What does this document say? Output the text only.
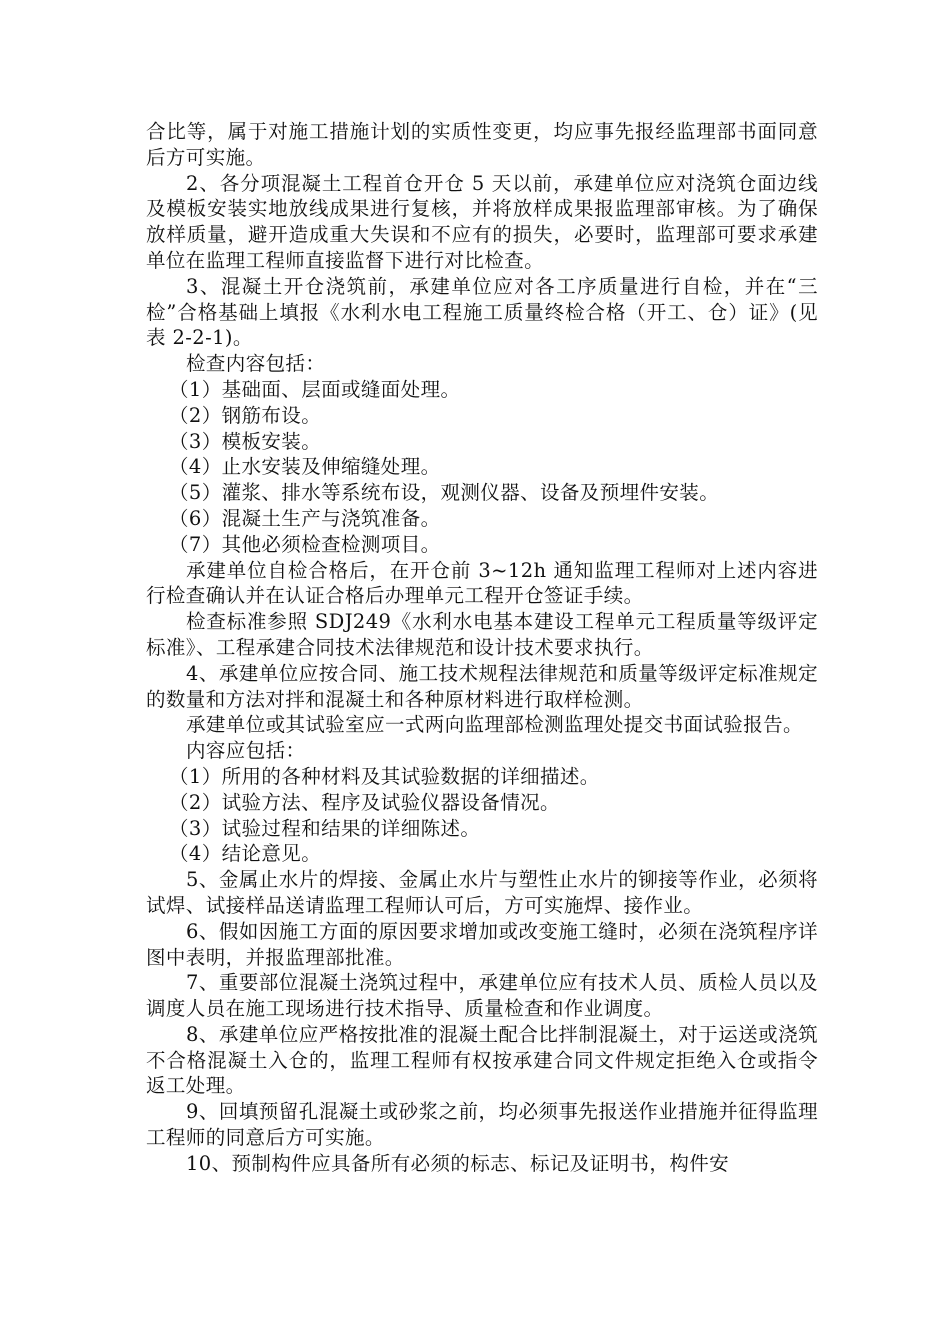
合比等，属于对施工措施计划的实质性变更，均应事先报经监理部书面同意后方可实施。

2、各分项混凝土工程首仓开仓 5 天以前，承建单位应对浇筑仓面边线及模板安装实地放线成果进行复核，并将放样成果报监理部审核。为了确保放样质量，避开造成重大失误和不应有的损失，必要时，监理部可要求承建单位在监理工程师直接监督下进行对比检查。

3、混凝土开仓浇筑前，承建单位应对各工序质量进行自检，并在“三检”合格基础上填报《水利水电工程施工质量终检合格（开工、仓）证》(见表 2-2-1)。

检查内容包括：

（1）基础面、层面或缝面处理。

（2）钢筋布设。

（3）模板安装。

（4）止水安装及伸缩缝处理。

（5）灌浆、排水等系统布设，观测仪器、设备及预埋件安装。

（6）混凝土生产与浇筑准备。

（7）其他必须检查检测项目。

承建单位自检合格后，在开仓前 3~12h 通知监理工程师对上述内容进行检查确认并在认证合格后办理单元工程开仓签证手续。

检查标准参照 SDJ249《水利水电基本建设工程单元工程质量等级评定标准》、工程承建合同技术法律规范和设计技术要求执行。

4、承建单位应按合同、施工技术规程法律规范和质量等级评定标准规定的数量和方法对拌和混凝土和各种原材料进行取样检测。

承建单位或其试验室应一式两向监理部检测监理处提交书面试验报告。

内容应包括：

（1）所用的各种材料及其试验数据的详细描述。

（2）试验方法、程序及试验仪器设备情况。

（3）试验过程和结果的详细陈述。

（4）结论意见。

5、金属止水片的焊接、金属止水片与塑性止水片的铆接等作业，必须将试焊、试接样品送请监理工程师认可后，方可实施焊、接作业。

6、假如因施工方面的原因要求增加或改变施工缝时，必须在浇筑程序详图中表明，并报监理部批准。

7、重要部位混凝土浇筑过程中，承建单位应有技术人员、质检人员以及调度人员在施工现场进行技术指导、质量检查和作业调度。

8、承建单位应严格按批准的混凝土配合比拌制混凝土，对于运送或浇筑不合格混凝土入仓的，监理工程师有权按承建合同文件规定拒绝入仓或指令返工处理。

9、回填预留孔混凝土或砂浆之前，均必须事先报送作业措施并征得监理工程师的同意后方可实施。

10、预制构件应具备所有必须的标志、标记及证明书，构件安
